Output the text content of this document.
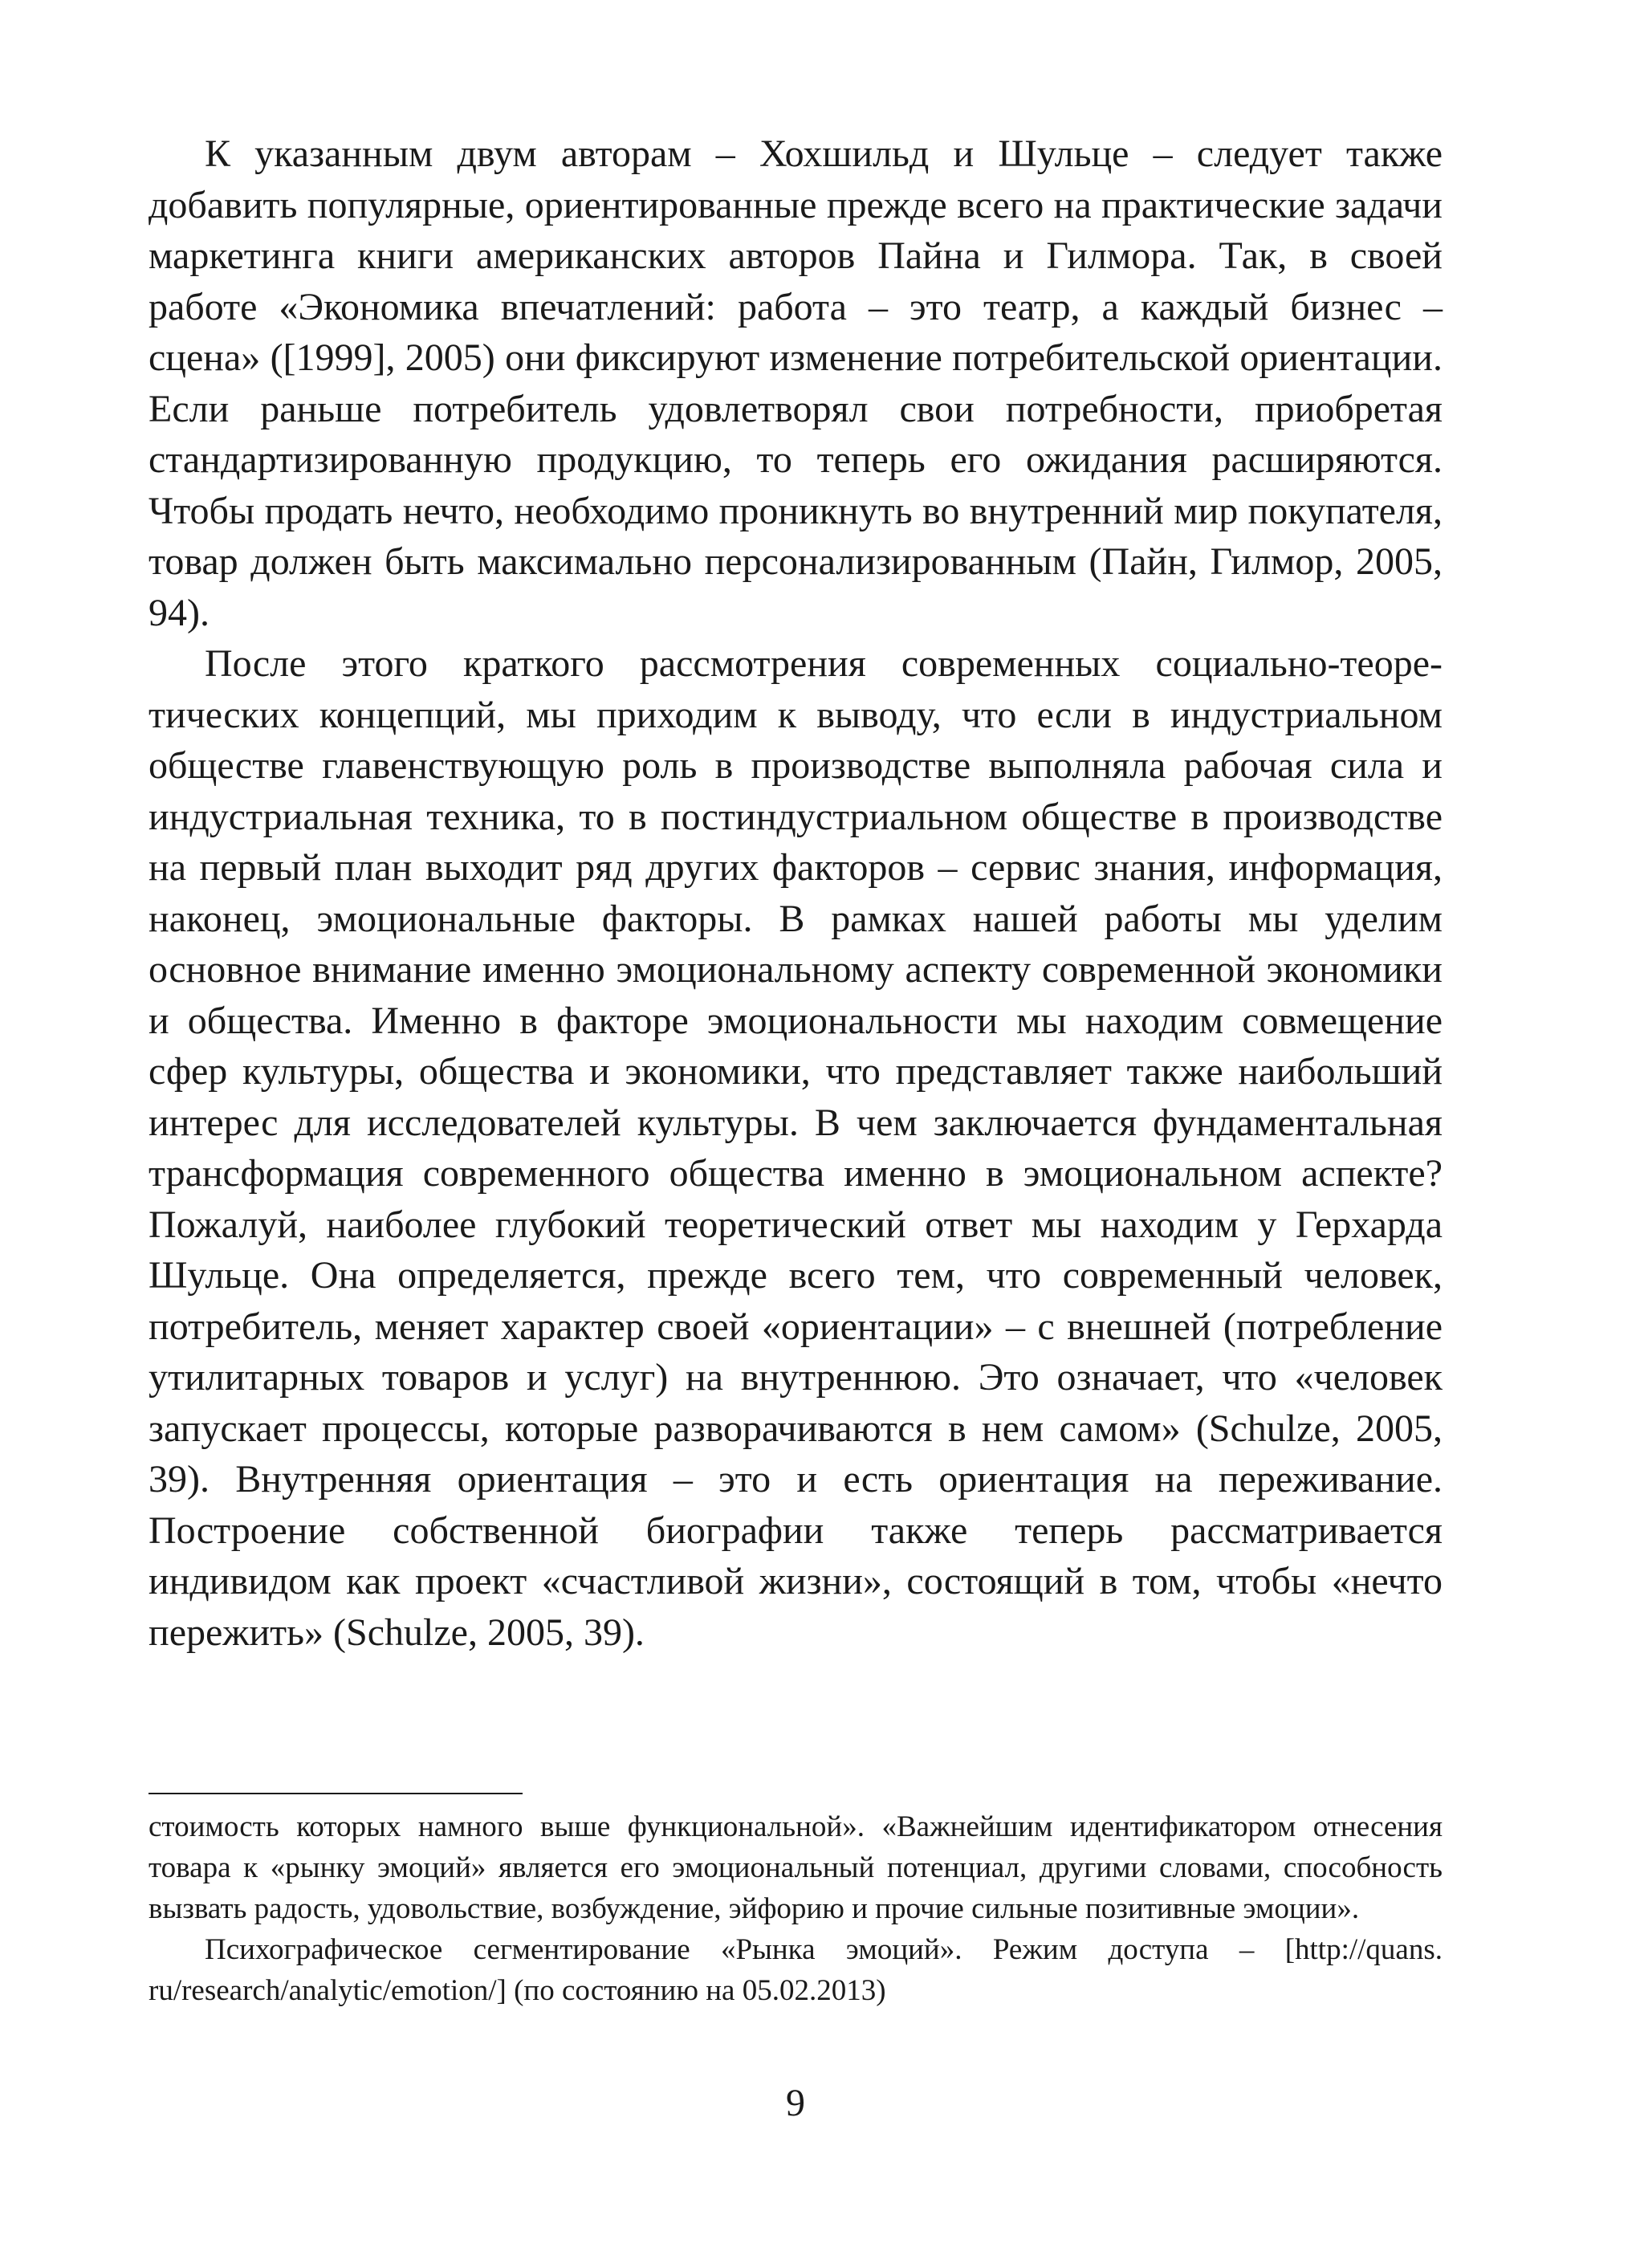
К указанным двум авторам – Хохшильд и Шульце – следует также добавить популярные, ориентированные прежде всего на практические задачи маркетинга книги американских авторов Пайна и Гилмора. Так, в своей работе «Экономика впечатлений: работа – это театр, а каждый бизнес – сцена» ([1999], 2005) они фиксируют изменение потребительской ориентации. Если раньше потребитель удовлетворял свои потребности, приобретая стандартизированную продукцию, то теперь его ожидания расширяются. Чтобы продать нечто, необходимо проникнуть во внутренний мир покупателя, товар должен быть максимально персонализированным (Пайн, Гилмор, 2005, 94).

После этого краткого рассмотрения современных социально-теоретических концепций, мы приходим к выводу, что если в индустриальном обществе главенствующую роль в производстве выполняла рабочая сила и индустриальная техника, то в постиндустриальном обществе в производстве на первый план выходит ряд других факторов – сервис знания, информация, наконец, эмоциональные факторы. В рамках нашей работы мы уделим основное внимание именно эмоциональному аспекту современной экономики и общества. Именно в факторе эмоциональности мы находим совмещение сфер культуры, общества и экономики, что представляет также наибольший интерес для исследователей культуры. В чем заключается фундаментальная трансформация современного общества именно в эмоциональном аспекте? Пожалуй, наиболее глубокий теоретический ответ мы находим у Герхарда Шульце. Она определяется, прежде всего тем, что современный человек, потребитель, меняет характер своей «ориентации» – с внешней (потребление утилитарных товаров и услуг) на внутреннюю. Это означает, что «человек запускает процессы, которые разворачиваются в нем самом» (Schulze, 2005, 39). Внутренняя ориентация – это и есть ориентация на переживание. Построение собственной биографии также теперь рассматривается индивидом как проект «счастливой жизни», состоящий в том, чтобы «нечто пережить» (Schulze, 2005, 39).

стоимость которых намного выше функциональной». «Важнейшим идентификатором отнесения товара к «рынку эмоций» является его эмоциональный потенциал, другими словами, способность вызвать радость, удовольствие, возбуждение, эйфорию и прочие сильные позитивные эмоции».

Психографическое сегментирование «Рынка эмоций». Режим доступа – [http://quans.​ru/research/analytic/emotion/] (по состоянию на 05.02.2013)

9
